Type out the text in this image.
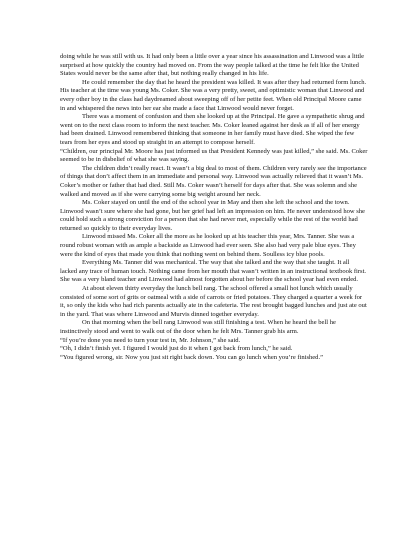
doing while he was still with us. It had only been a little over a year since his assassination and Linwood was a little surprised at how quickly the country had moved on. From the way people talked at the time he felt like the United States would never be the same after that, but nothing really changed in his life.

He could remember the day that he heard the president was killed. It was after they had returned form lunch. His teacher at the time was young Ms. Coker. She was a very pretty, sweet, and optimistic woman that Linwood and every other boy in the class had daydreamed about sweeping off of her petite feet. When old Principal Moore came in and whispered the news into her ear she made a face that Linwood would never forget.

There was a moment of confusion and then she looked up at the Principal. He gave a sympathetic shrug and went on to the next class room to inform the next teacher. Ms. Coker leaned against her desk as if all of her energy had been drained. Linwood remembered thinking that someone in her family must have died. She wiped the few tears from her eyes and stood up straight in an attempt to compose herself.

“Children, our principal Mr. Moore has just informed us that President Kennedy was just killed,” she said. Ms. Coker seemed to be in disbelief of what she was saying.

The children didn’t really react. It wasn’t a big deal to most of them. Children very rarely see the importance of things that don’t affect them in an immediate and personal way. Linwood was actually relieved that it wasn’t Ms. Coker’s mother or father that had died. Still Ms. Coker wasn’t herself for days after that. She was solemn and she walked and moved as if she were carrying some big weight around her neck.

Ms. Coker stayed on until the end of the school year in May and then she left the school and the town. Linwood wasn’t sure where she had gone, but her grief had left an impression on him. He never understood how she could hold such a strong conviction for a person that she had never met, especially while the rest of the world had returned so quickly to their everyday lives.

Linwood missed Ms. Coker all the more as he looked up at his teacher this year, Mrs. Tanner. She was a round robust woman with as ample a backside as Linwood had ever seen. She also had very pale blue eyes. They were the kind of eyes that made you think that nothing went on behind them. Soulless icy blue pools.

Everything Ms. Tanner did was mechanical. The way that she talked and the way that she taught. It all lacked any trace of human touch. Nothing came from her mouth that wasn’t written in an instructional textbook first. She was a very bland teacher and Linwood had almost forgotten about her before the school year had even ended.

At about eleven thirty everyday the lunch bell rang. The school offered a small hot lunch which usually consisted of some sort of grits or oatmeal with a side of carrots or fried potatoes. They charged a quarter a week for it, so only the kids who had rich parents actually ate in the cafeteria. The rest brought bagged lunches and just ate out in the yard. That was where Linwood and Murvis dinned together everyday.

On that morning when the bell rang Linwood was still finishing a test. When he heard the bell he instinctively stood and went to walk out of the door when he felt Mrs. Tanner grab his arm.

“If you’re done you need to turn your test in, Mr. Johnson,” she said.

“Oh, I didn’t finish yet. I figured I would just do it when I got back from lunch,” he said.

“You figured wrong, sir. Now you just sit right back down. You can go lunch when you’re finished.”
